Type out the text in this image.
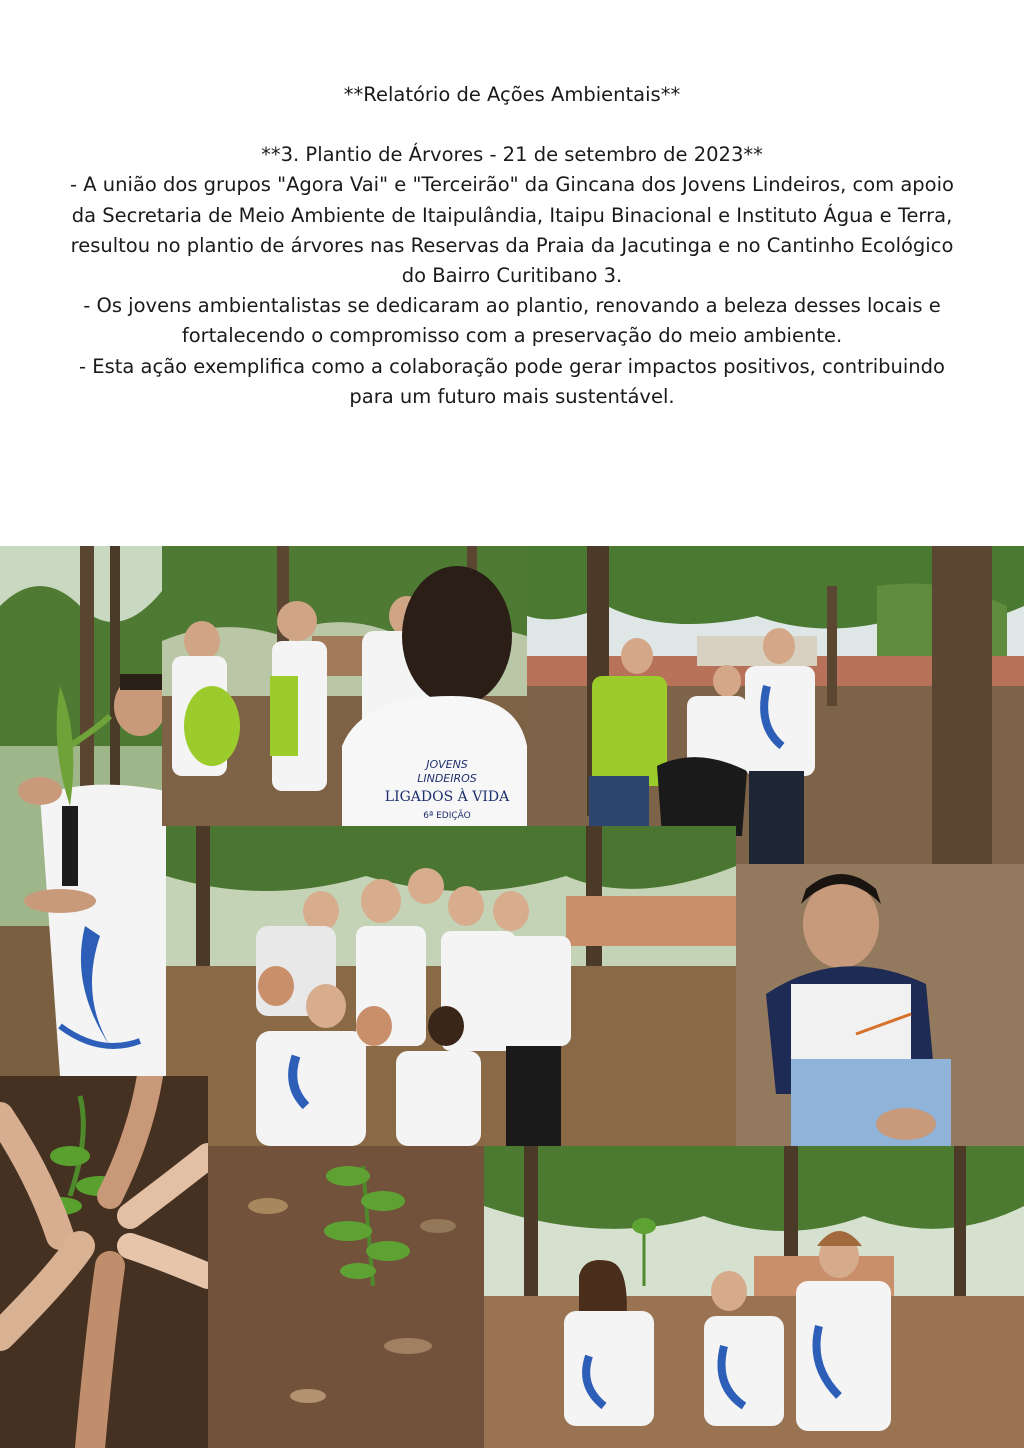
**Relatório de Ações Ambientais**

**3. Plantio de Árvores - 21 de setembro de 2023**

- A união dos grupos "Agora Vai" e "Terceirão" da Gincana dos Jovens Lindeiros, com apoio da Secretaria de Meio Ambiente de Itaipulândia, Itaipu Binacional e Instituto Água e Terra, resultou no plantio de árvores nas Reservas da Praia da Jacutinga e no Cantinho Ecológico do Bairro Curitibano 3.

- Os jovens ambientalistas se dedicaram ao plantio, renovando a beleza desses locais e fortalecendo o compromisso com a preservação do meio ambiente.

- Esta ação exemplifica como a colaboração pode gerar impactos positivos, contribuindo para um futuro mais sustentável.

JOVENS
LINDEIROS
LIGADOS À VIDA
6ª EDIÇÃO
